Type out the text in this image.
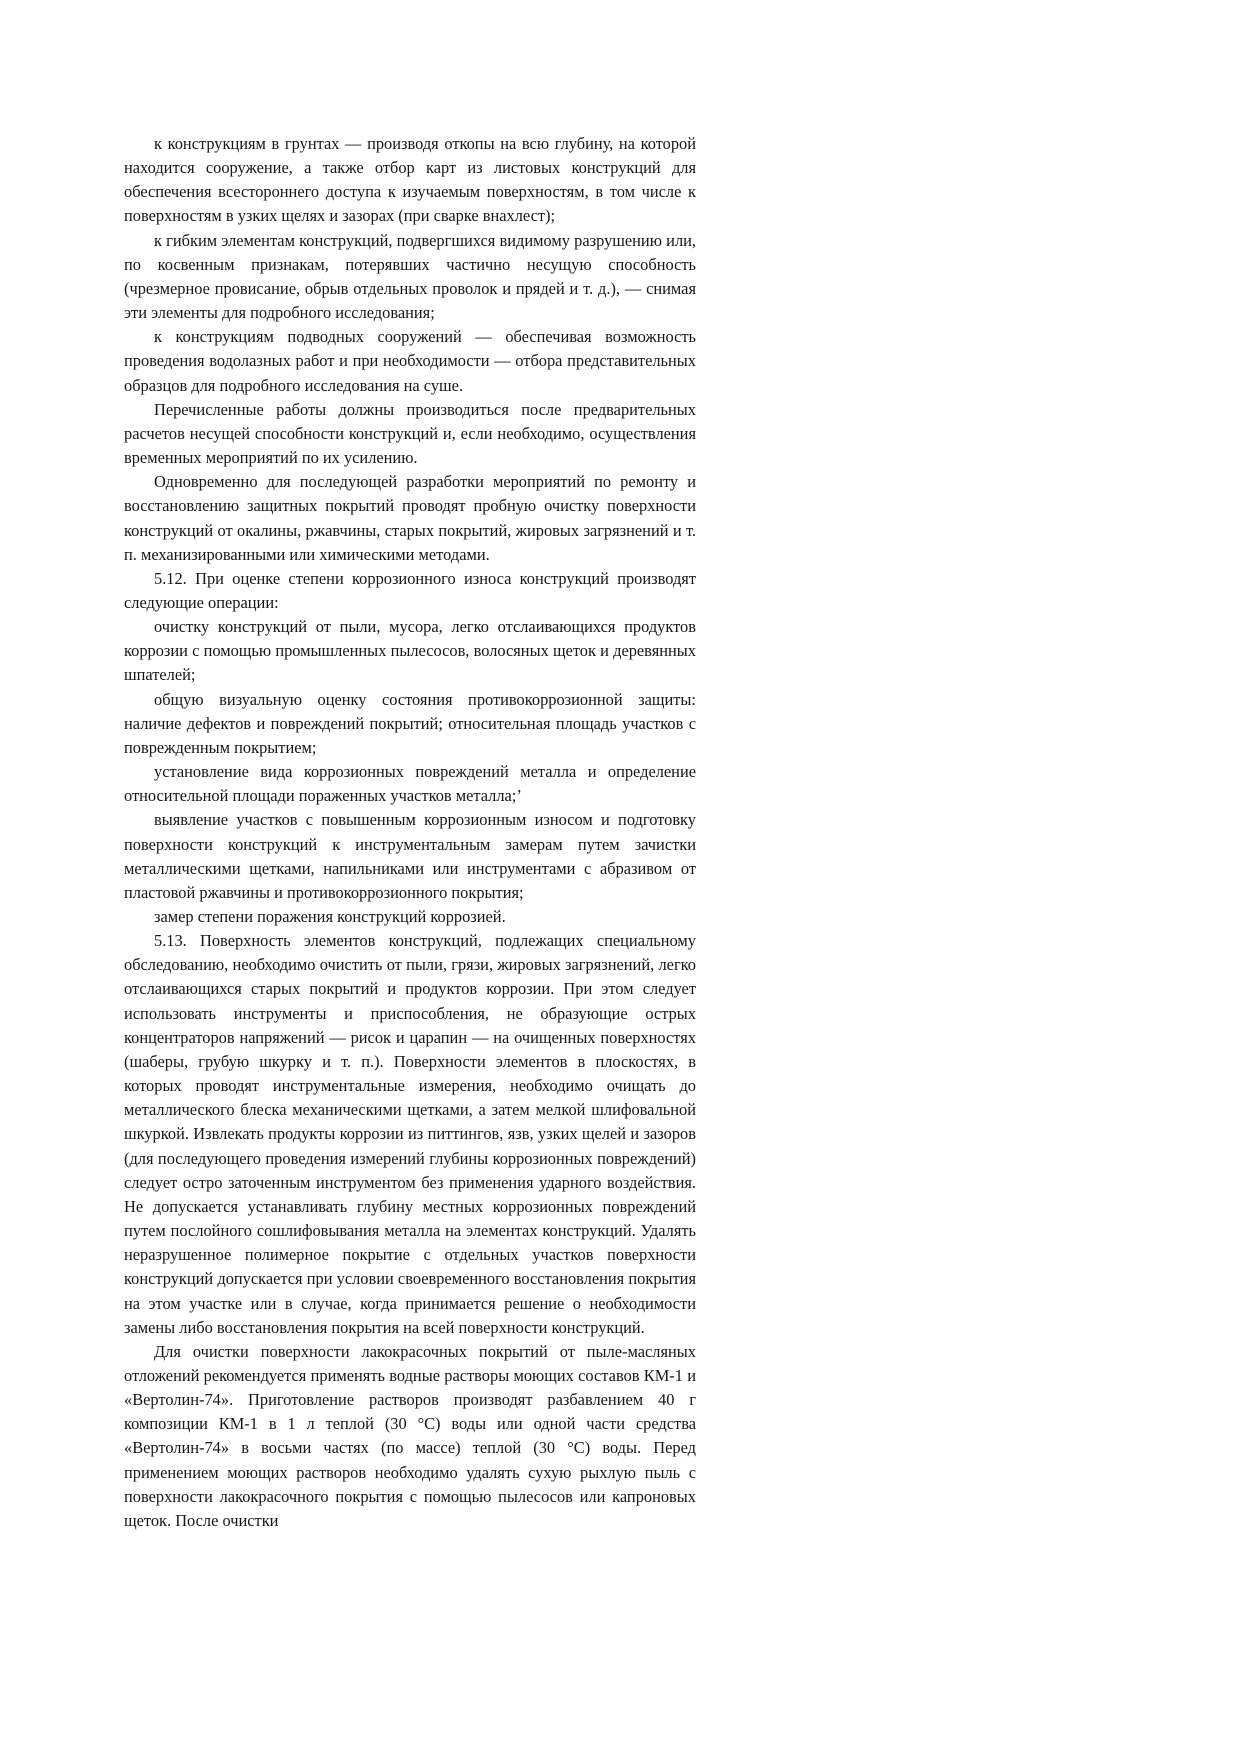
к конструкциям в грунтах — производя откопы на всю глубину, на которой находится сооружение, а также отбор карт из листовых конструкций для обеспечения всестороннего доступа к изучаемым поверхностям, в том числе к поверхностям в узких щелях и зазорах (при сварке внахлест);

к гибким элементам конструкций, подвергшихся видимому разрушению или, по косвенным признакам, потерявших частично несущую способность (чрезмерное провисание, обрыв отдельных проволок и прядей и т. д.), — снимая эти элементы для подробного исследования;

к конструкциям подводных сооружений — обеспечивая возможность проведения водолазных работ и при необходимости — отбора представительных образцов для подробного исследования на суше.

Перечисленные работы должны производиться после предварительных расчетов несущей способности конструкций и, если необходимо, осуществления временных мероприятий по их усилению.

Одновременно для последующей разработки мероприятий по ремонту и восстановлению защитных покрытий проводят пробную очистку поверхности конструкций от окалины, ржавчины, старых покрытий, жировых загрязнений и т. п. механизированными или химическими методами.

5.12. При оценке степени коррозионного износа конструкций производят следующие операции:

очистку конструкций от пыли, мусора, легко отслаивающихся продуктов коррозии с помощью промышленных пылесосов, волосяных щеток и деревянных шпателей;

общую визуальную оценку состояния противокоррозионной защиты: наличие дефектов и повреждений покрытий; относительная площадь участков с поврежденным покрытием;

установление вида коррозионных повреждений металла и определение относительной площади пораженных участков металла;’

выявление участков с повышенным коррозионным износом и подготовку поверхности конструкций к инструментальным замерам путем зачистки металлическими щетками, напильниками или инструментами с абразивом от пластовой ржавчины и противокоррозионного покрытия;

замер степени поражения конструкций коррозией.

5.13. Поверхность элементов конструкций, подлежащих специальному обследованию, необходимо очистить от пыли, грязи, жировых загрязнений, легко отслаивающихся старых покрытий и продуктов коррозии. При этом следует использовать инструменты и приспособления, не образующие острых концентраторов напряжений — рисок и царапин — на очищенных поверхностях (шаберы, грубую шкурку и т. п.). Поверхности элементов в плоскостях, в которых проводят инструментальные измерения, необходимо очищать до металлического блеска механическими щетками, а затем мелкой шлифовальной шкуркой. Извлекать продукты коррозии из питтингов, язв, узких щелей и зазоров (для последующего проведения измерений глубины коррозионных повреждений) следует остро заточенным инструментом без применения ударного воздействия. Не допускается устанавливать глубину местных коррозионных повреждений путем послойного сошлифовывания металла на элементах конструкций. Удалять неразрушенное полимерное покрытие с отдельных участков поверхности конструкций допускается при условии своевременного восстановления покрытия на этом участке или в случае, когда принимается решение о необходимости замены либо восстановления покрытия на всей поверхности конструкций.

Для очистки поверхности лакокрасочных покрытий от пыле-масляных отложений рекомендуется применять водные растворы моющих составов КМ-1 и «Вертолин-74». Приготовление растворов производят разбавлением 40 г композиции КМ-1 в 1 л теплой (30 °С) воды или одной части средства «Вертолин-74» в восьми частях (по массе) теплой (30 °С) воды. Перед применением моющих растворов необходимо удалять сухую рыхлую пыль с поверхности лакокрасочного покрытия с помощью пылесосов или капроновых щеток. После очистки
